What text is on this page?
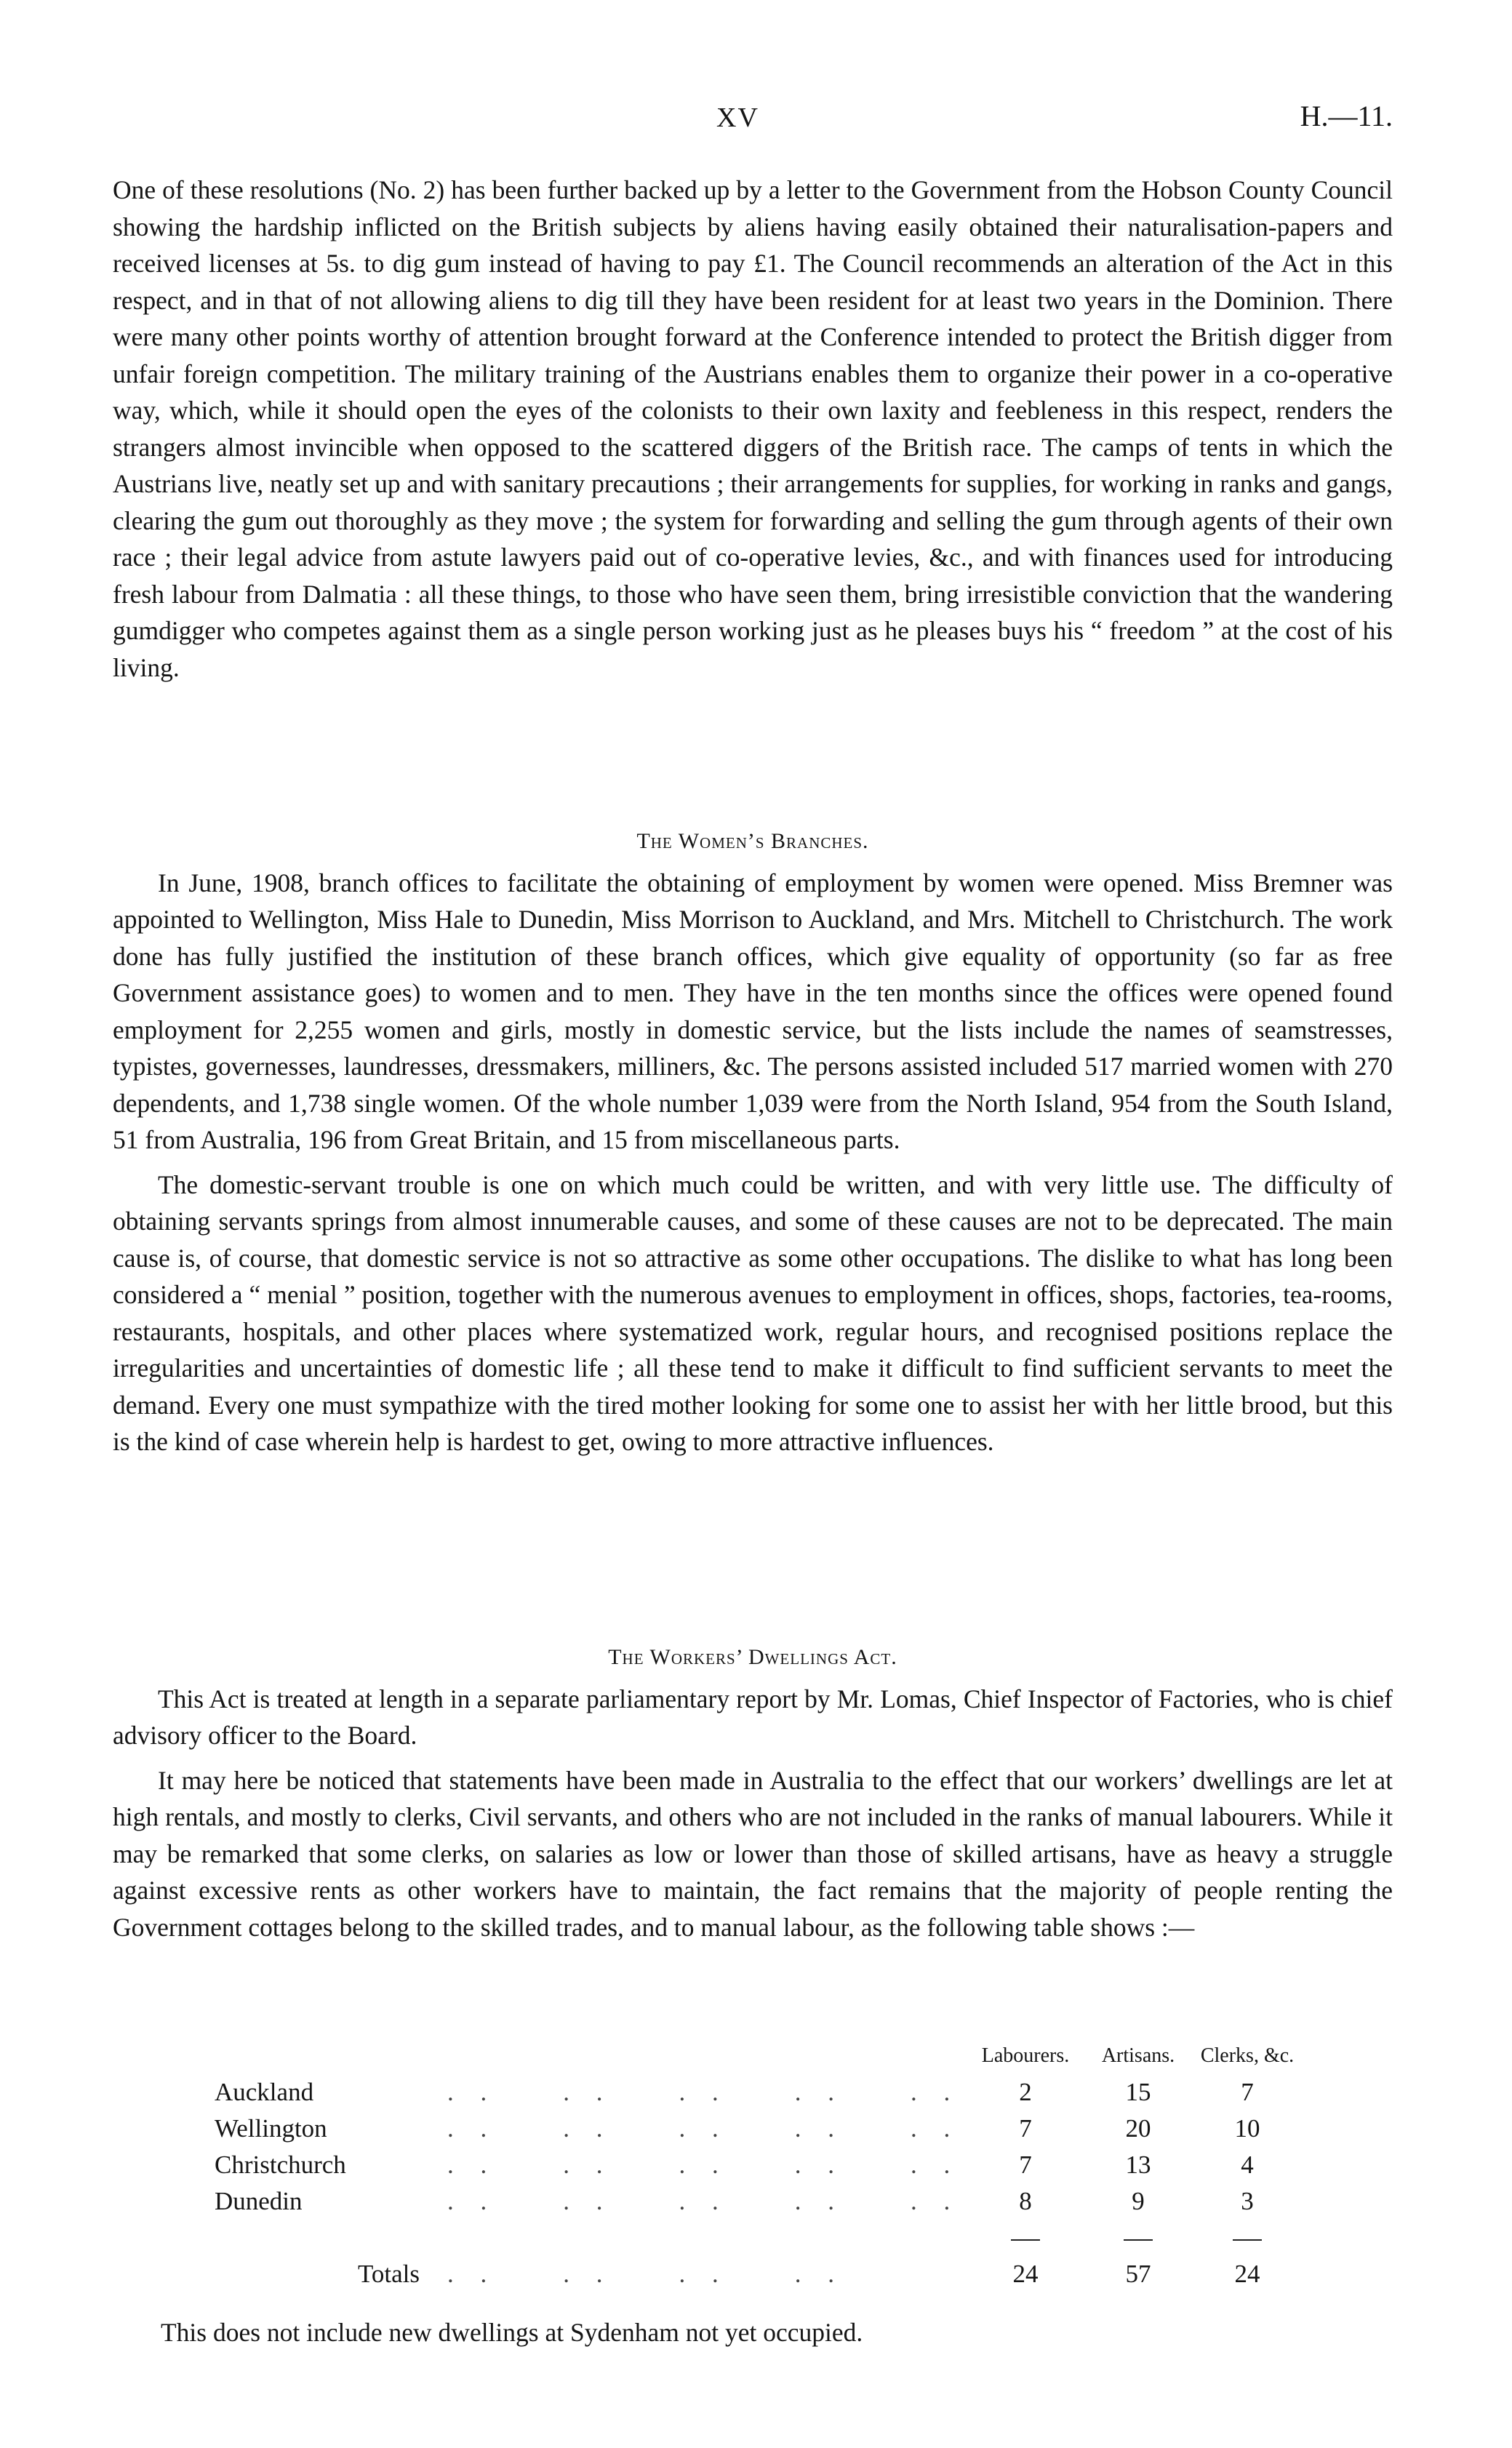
XV	H.—11.

One of these resolutions (No. 2) has been further backed up by a letter to the Government from the Hobson County Council showing the hardship inflicted on the British subjects by aliens having easily obtained their naturalisation-papers and received licenses at 5s. to dig gum instead of having to pay £1. The Council recommends an alteration of the Act in this respect, and in that of not allowing aliens to dig till they have been resident for at least two years in the Dominion. There were many other points worthy of attention brought forward at the Conference intended to protect the British digger from unfair foreign competition. The military training of the Austrians enables them to organize their power in a co-operative way, which, while it should open the eyes of the colonists to their own laxity and feebleness in this respect, renders the strangers almost invincible when opposed to the scattered diggers of the British race. The camps of tents in which the Austrians live, neatly set up and with sanitary precautions ; their arrangements for supplies, for working in ranks and gangs, clearing the gum out thoroughly as they move ; the system for forwarding and selling the gum through agents of their own race ; their legal advice from astute lawyers paid out of co-operative levies, &c., and with finances used for introducing fresh labour from Dalmatia : all these things, to those who have seen them, bring irresistible conviction that the wandering gumdigger who competes against them as a single person working just as he pleases buys his “ freedom ” at the cost of his living.

The Women’s Branches.

In June, 1908, branch offices to facilitate the obtaining of employment by women were opened. Miss Bremner was appointed to Wellington, Miss Hale to Dunedin, Miss Morrison to Auckland, and Mrs. Mitchell to Christchurch. The work done has fully justified the institution of these branch offices, which give equality of opportunity (so far as free Government assistance goes) to women and to men. They have in the ten months since the offices were opened found employment for 2,255 women and girls, mostly in domestic service, but the lists include the names of seamstresses, typistes, governesses, laundresses, dressmakers, milliners, &c. The persons assisted included 517 married women with 270 dependents, and 1,738 single women. Of the whole number 1,039 were from the North Island, 954 from the South Island, 51 from Australia, 196 from Great Britain, and 15 from miscellaneous parts.

The domestic-servant trouble is one on which much could be written, and with very little use. The difficulty of obtaining servants springs from almost innumerable causes, and some of these causes are not to be deprecated. The main cause is, of course, that domestic service is not so attractive as some other occupations. The dislike to what has long been considered a “ menial ” position, together with the numerous avenues to employment in offices, shops, factories, tea-rooms, restaurants, hospitals, and other places where systematized work, regular hours, and recognised positions replace the irregularities and uncertainties of domestic life ; all these tend to make it difficult to find sufficient servants to meet the demand. Every one must sympathize with the tired mother looking for some one to assist her with her little brood, but this is the kind of case wherein help is hardest to get, owing to more attractive influences.

The Workers’ Dwellings Act.

This Act is treated at length in a separate parliamentary report by Mr. Lomas, Chief Inspector of Factories, who is chief advisory officer to the Board.

It may here be noticed that statements have been made in Australia to the effect that our workers’ dwellings are let at high rentals, and mostly to clerks, Civil servants, and others who are not included in the ranks of manual labourers. While it may be remarked that some clerks, on salaries as low or lower than those of skilled artisans, have as heavy a struggle against excessive rents as other workers have to maintain, the fact remains that the majority of people renting the Government cottages belong to the skilled trades, and to manual labour, as the following table shows :—

		Labourers.	Artisans.	Clerks, &c.
Auckland	. . . . . . . . . .	2	15	7
Wellington	. . . . . . . . . .	7	20	10
Christchurch	. . . . . . . . . .	7	13	4
Dunedin	. . . . . . . . . .	8	9	3

Totals	. . . . . . . .	24	57	24

This does not include new dwellings at Sydenham not yet occupied.
